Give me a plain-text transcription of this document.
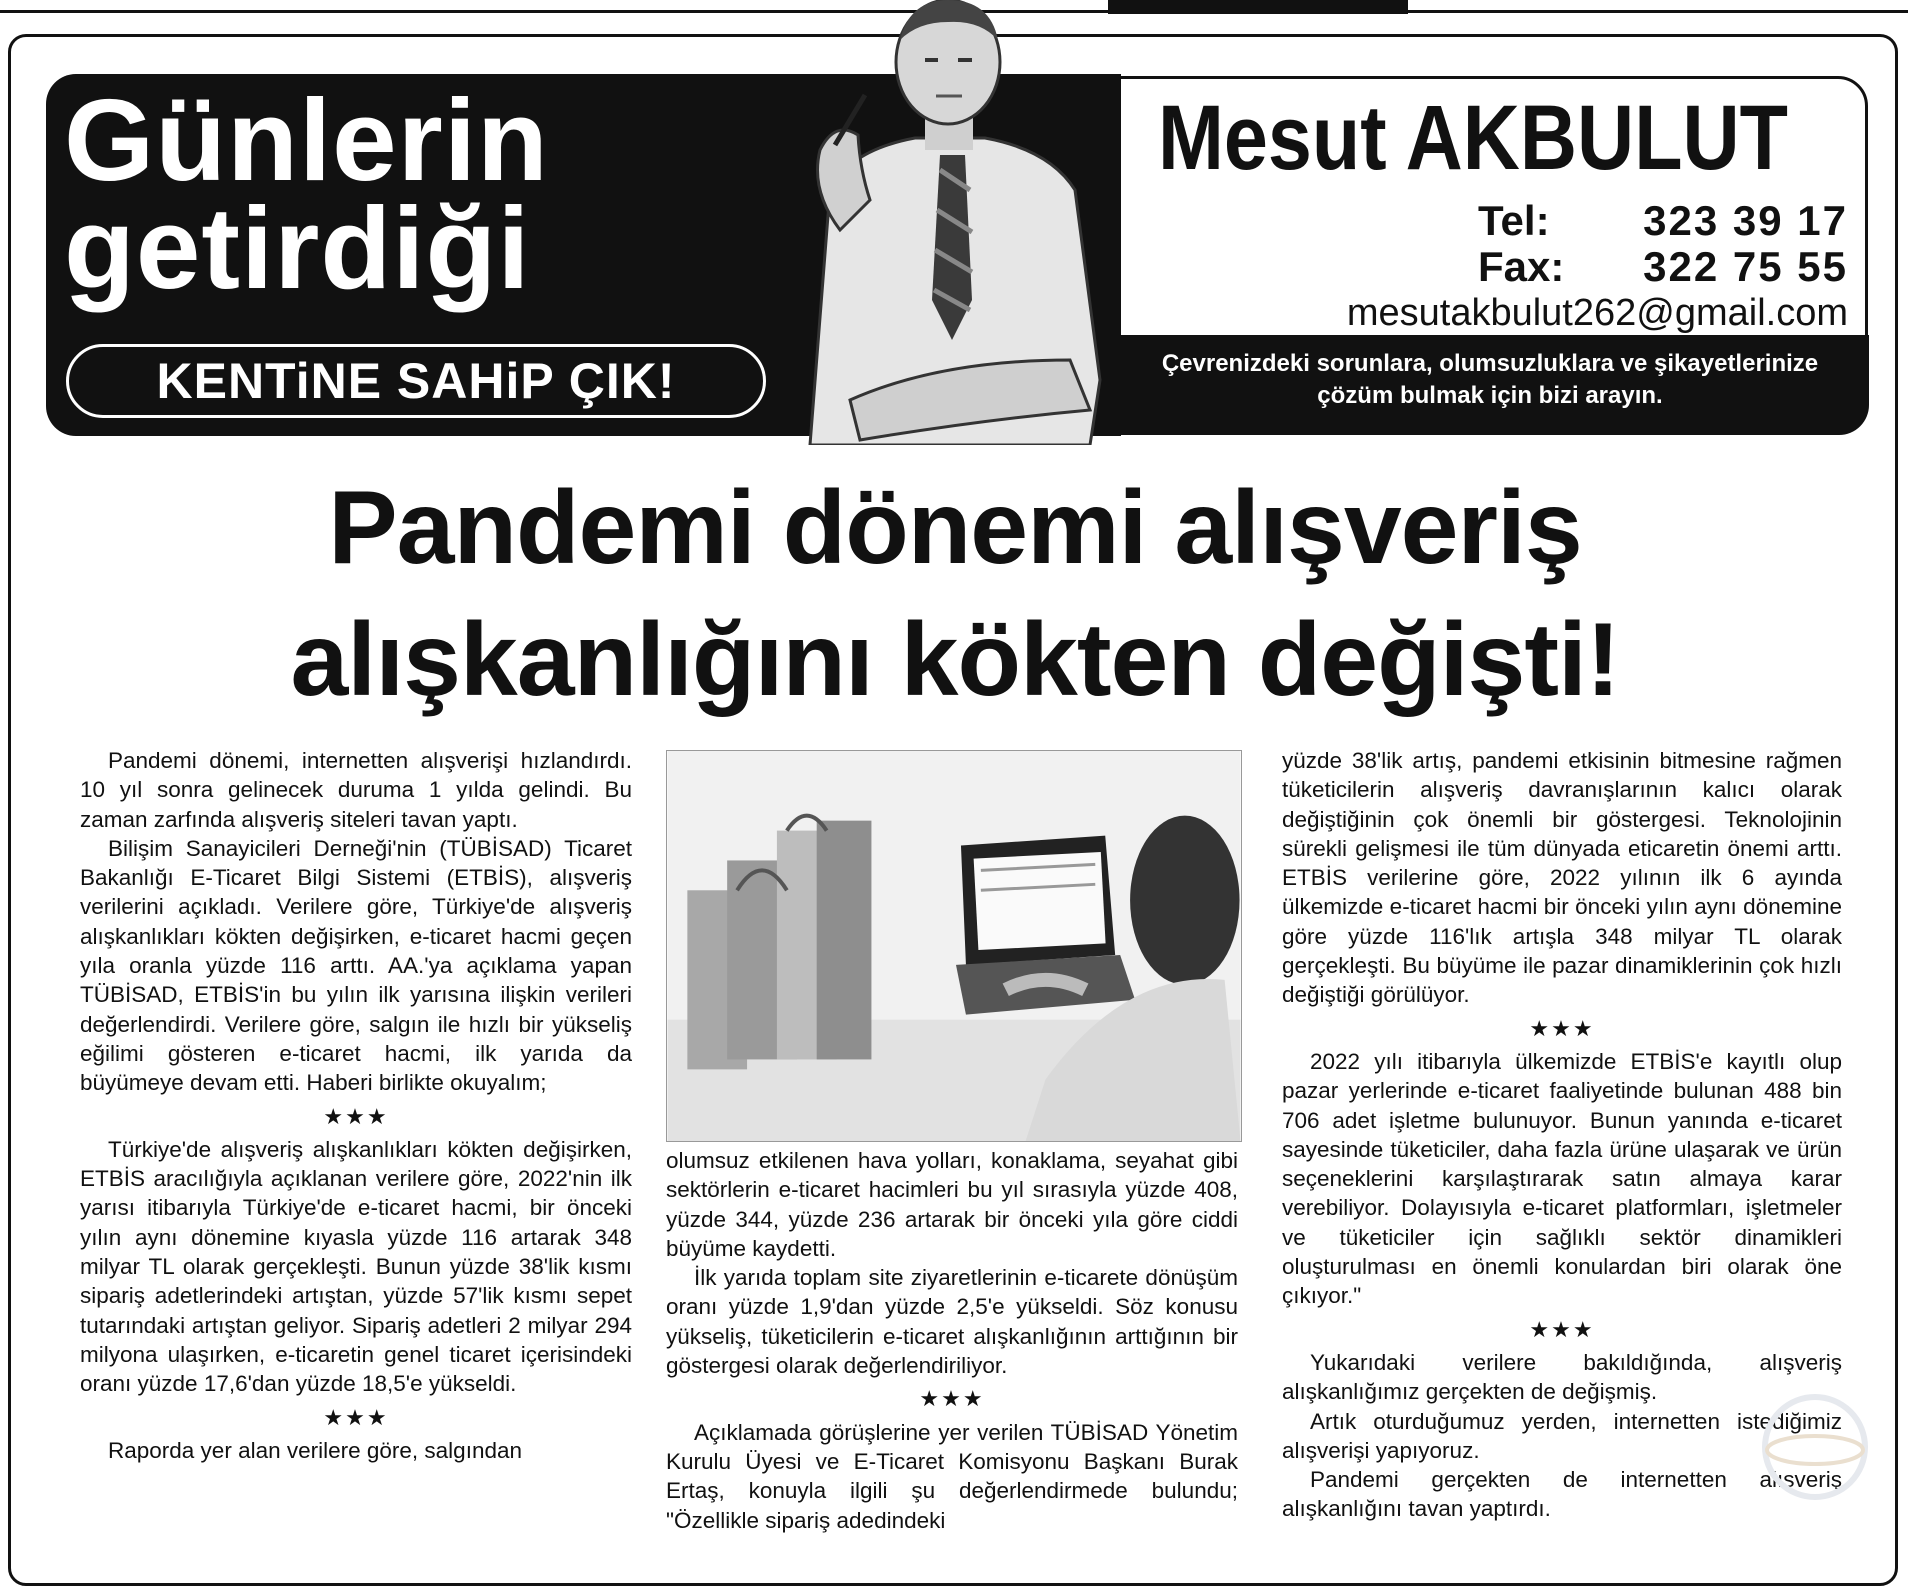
Günlerin getirdiği
KENTiNE SAHiP ÇIK!
Mesut AKBULUT
Tel: 323 39 17
Fax: 322 75 55
mesutakbulut262@gmail.com
Çevrenizdeki sorunlara, olumsuzluklara ve şikayetlerinize çözüm bulmak için bizi arayın.
Pandemi dönemi alışveriş alışkanlığını kökten değişti!

Pandemi dönemi, internetten alışverişi hızlandırdı. 10 yıl sonra gelinecek duruma 1 yılda gelindi. Bu zaman zarfında alışveriş siteleri tavan yaptı.

Bilişim Sanayicileri Derneği'nin (TÜBİSAD) Ticaret Bakanlığı E-Ticaret Bilgi Sistemi (ETBİS), alışveriş verilerini açıkladı. Verilere göre, Türkiye'de alışveriş alışkanlıkları kökten değişirken, e-ticaret hacmi geçen yıla oranla yüzde 116 arttı. AA.'ya açıklama yapan TÜBİSAD, ETBİS'in bu yılın ilk yarısına ilişkin verileri değerlendirdi. Verilere göre, salgın ile hızlı bir yükseliş eğilimi gösteren e-ticaret hacmi, ilk yarıda da büyümeye devam etti. Haberi birlikte okuyalım;

★★★

Türkiye'de alışveriş alışkanlıkları kökten değişirken, ETBİS aracılığıyla açıklanan verilere göre, 2022'nin ilk yarısı itibarıyla Türkiye'de e-ticaret hacmi, bir önceki yılın aynı dönemine kıyasla yüzde 116 artarak 348 milyar TL olarak gerçekleşti. Bunun yüzde 38'lik kısmı sipariş adetlerindeki artıştan, yüzde 57'lik kısmı sepet tutarındaki artıştan geliyor. Sipariş adetleri 2 milyar 294 milyona ulaşırken, e-ticaretin genel ticaret içerisindeki oranı yüzde 17,6'dan yüzde 18,5'e yükseldi.

★★★

Raporda yer alan verilere göre, salgından

olumsuz etkilenen hava yolları, konaklama, seyahat gibi sektörlerin e-ticaret hacimleri bu yıl sırasıyla yüzde 408, yüzde 344, yüzde 236 artarak bir önceki yıla göre ciddi büyüme kaydetti.

İlk yarıda toplam site ziyaretlerinin e-ticarete dönüşüm oranı yüzde 1,9'dan yüzde 2,5'e yükseldi. Söz konusu yükseliş, tüketicilerin e-ticaret alışkanlığının arttığının bir göstergesi olarak değerlendiriliyor.

★★★

Açıklamada görüşlerine yer verilen TÜBİSAD Yönetim Kurulu Üyesi ve E-Ticaret Komisyonu Başkanı Burak Ertaş, konuyla ilgili şu değerlendirmede bulundu; "Özellikle sipariş adedindeki

yüzde 38'lik artış, pandemi etkisinin bitmesine rağmen tüketicilerin alışveriş davranışlarının kalıcı olarak değiştiğinin çok önemli bir göstergesi. Teknolojinin sürekli gelişmesi ile tüm dünyada eticaretin önemi arttı. ETBİS verilerine göre, 2022 yılının ilk 6 ayında ülkemizde e-ticaret hacmi bir önceki yılın aynı dönemine göre yüzde 116'lık artışla 348 milyar TL olarak gerçekleşti. Bu büyüme ile pazar dinamiklerinin çok hızlı değiştiği görülüyor.

★★★

2022 yılı itibarıyla ülkemizde ETBİS'e kayıtlı olup pazar yerlerinde e-ticaret faaliyetinde bulunan 488 bin 706 adet işletme bulunuyor. Bunun yanında e-ticaret sayesinde tüketiciler, daha fazla ürüne ulaşarak ve ürün seçeneklerini karşılaştırarak satın almaya karar verebiliyor. Dolayısıyla e-ticaret platformları, işletmeler ve tüketiciler için sağlıklı sektör dinamikleri oluşturulması en önemli konulardan biri olarak öne çıkıyor."

★★★

Yukarıdaki verilere bakıldığında, alışveriş alışkanlığımız gerçekten de değişmiş.

Artık oturduğumuz yerden, internetten istediğimiz alışverişi yapıyoruz.

Pandemi gerçekten de internetten alışveriş alışkanlığını tavan yaptırdı.
